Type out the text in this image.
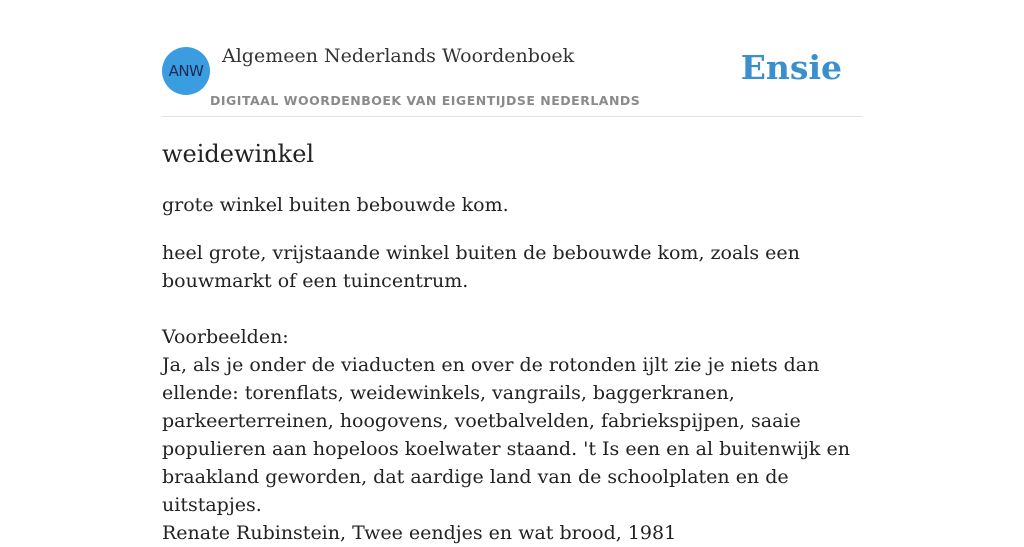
ANW
Algemeen Nederlands Woordenboek
DIGITAAL WOORDENBOEK VAN EIGENTIJDSE NEDERLANDS
Ensie
weidewinkel
grote winkel buiten bebouwde kom.

heel grote, vrijstaande winkel buiten de bebouwde kom, zoals een bouwmarkt of een tuincentrum.

Voorbeelden:

Ja, als je onder de viaducten en over de rotonden ijlt zie je niets dan ellende: torenflats, weidewinkels, vangrails, baggerkranen, parkeerterreinen, hoogovens, voetbalvelden, fabriekspijpen, saaie populieren aan hopeloos koelwater staand. 't Is een en al buitenwijk en braakland geworden, dat aardige land van de schoolplaten en de uitstapjes.

Renate Rubinstein, Twee eendjes en wat brood, 1981
